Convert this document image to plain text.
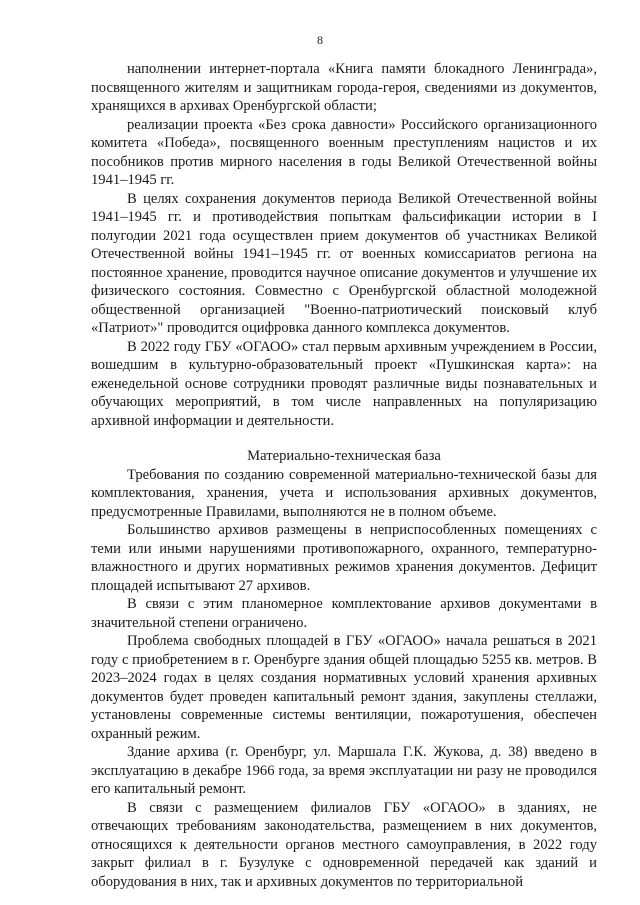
8

наполнении интернет-портала «Книга памяти блокадного Ленинграда», посвященного жителям и защитникам города-героя, сведениями из документов, хранящихся в архивах Оренбургской области;

реализации проекта «Без срока давности» Российского организационного комитета «Победа», посвященного военным преступлениям нацистов и их пособников против мирного населения в годы Великой Отечественной войны 1941–1945 гг.

В целях сохранения документов периода Великой Отечественной войны 1941–1945 гг. и противодействия попыткам фальсификации истории в I полугодии 2021 года осуществлен прием документов об участниках Великой Отечественной войны 1941–1945 гг. от военных комиссариатов региона на постоянное хранение, проводится научное описание документов и улучшение их физического состояния. Совместно с Оренбургской областной молодежной общественной организацией "Военно-патриотический поисковый клуб «Патриот»" проводится оцифровка данного комплекса документов.

В 2022 году ГБУ «ОГАОО» стал первым архивным учреждением в России, вошедшим в культурно-образовательный проект «Пушкинская карта»: на еженедельной основе сотрудники проводят различные виды познавательных и обучающих мероприятий, в том числе направленных на популяризацию архивной информации и деятельности.

Материально-техническая база

Требования по созданию современной материально-технической базы для комплектования, хранения, учета и использования архивных документов, предусмотренные Правилами, выполняются не в полном объеме.

Большинство архивов размещены в неприспособленных помещениях с теми или иными нарушениями противопожарного, охранного, температурно-влажностного и других нормативных режимов хранения документов. Дефицит площадей испытывают 27 архивов.

В связи с этим планомерное комплектование архивов документами в значительной степени ограничено.

Проблема свободных площадей в ГБУ «ОГАОО» начала решаться в 2021 году с приобретением в г. Оренбурге здания общей площадью 5255 кв. метров. В 2023–2024 годах в целях создания нормативных условий хранения архивных документов будет проведен капитальный ремонт здания, закуплены стеллажи, установлены современные системы вентиляции, пожаротушения, обеспечен охранный режим.

Здание архива (г. Оренбург, ул. Маршала Г.К. Жукова, д. 38) введено в эксплуатацию в декабре 1966 года, за время эксплуатации ни разу не проводился его капитальный ремонт.

В связи с размещением филиалов ГБУ «ОГАОО» в зданиях, не отвечающих требованиям законодательства, размещением в них документов, относящихся к деятельности органов местного самоуправления, в 2022 году закрыт филиал в г. Бузулуке с одновременной передачей как зданий и оборудования в них, так и архивных документов по территориальной
